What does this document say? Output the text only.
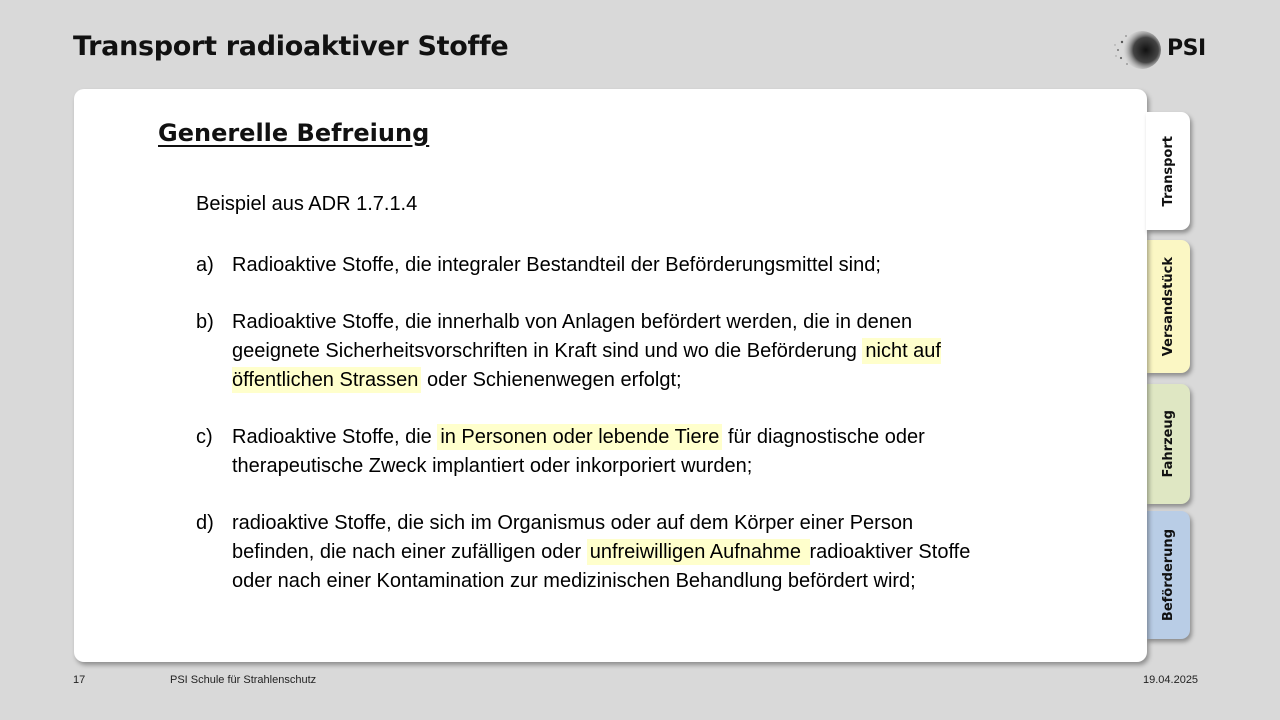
Transport radioaktiver Stoffe	PSI
Generelle Befreiung

Beispiel aus ADR 1.7.1.4

a) Radioaktive Stoffe, die integraler Bestandteil der Beförderungsmittel sind;

b) Radioaktive Stoffe, die innerhalb von Anlagen befördert werden, die in denen geeignete Sicherheitsvorschriften in Kraft sind und wo die Beförderung nicht auf öffentlichen Strassen oder Schienenwegen erfolgt;

c) Radioaktive Stoffe, die in Personen oder lebende Tiere für diagnostische oder therapeutische Zweck implantiert oder inkorporiert wurden;

d) radioaktive Stoffe, die sich im Organismus oder auf dem Körper einer Person befinden, die nach einer zufälligen oder unfreiwilligen Aufnahme radioaktiver Stoffe oder nach einer Kontamination zur medizinischen Behandlung befördert wird;

Transport
Versandstück
Fahrzeug
Beförderung
17	PSI Schule für Strahlenschutz	19.04.2025
